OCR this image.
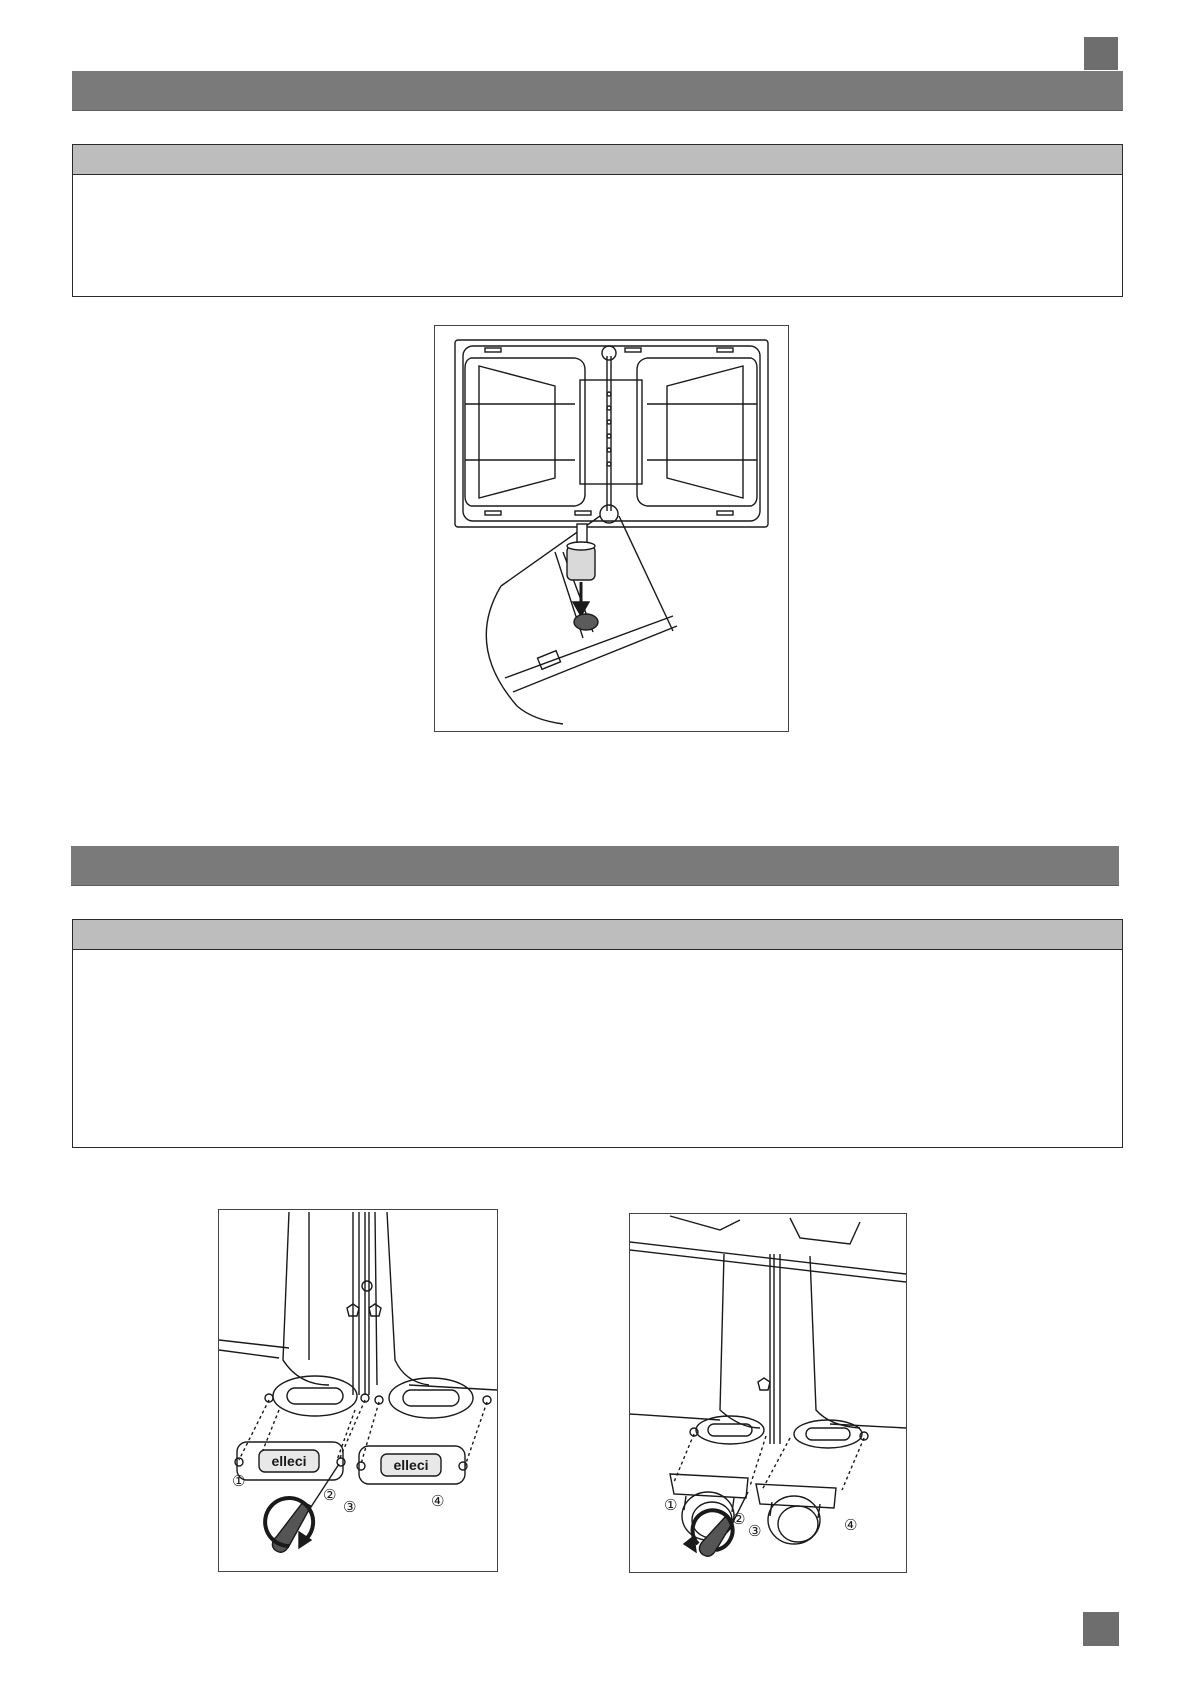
elleci	elleci
①
②
③	④	①
②
③	④
